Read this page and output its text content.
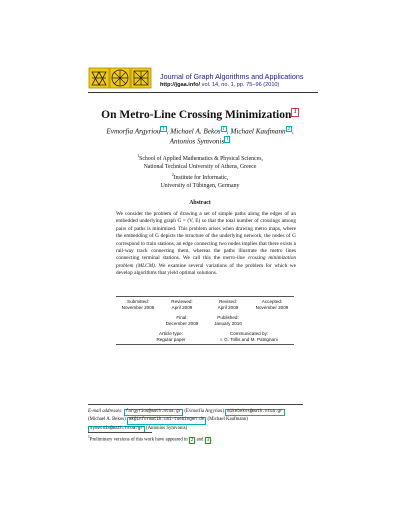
Journal of Graph Algorithms and Applications
http://jgaa.info/ vol. 14, no. 1, pp. 75–96 (2010)
On Metro-Line Crossing Minimization 1
Evmorfia Argyriou 1 , Michael A. Bekos 1 , Michael Kaufmann 2 ,
Antonios Symvonis 1
$^1$School of Applied Mathematics & Physical Sciences,
National Technical University of Athens, Greece
$^2$Institute for Informatic,
University of Tübingen, Germany
Abstract
We consider the problem of drawing a set of simple paths along the edges of an embedded underlying graph G = (V, E) so that the total number of crossings among pairs of paths is minimized. This problem arises when drawing metro maps, where the embedding of G depicts the structure of the underlying network, the nodes of G correspond to train stations, an edge connecting two nodes implies that there exists a rail-way track connecting them, whereas the paths illustrate the metro lines connecting terminal stations. We call this the metro-line crossing minimization problem (MLCM). We examine several variations of the problem for which we develop algorithms that yield optimal solutions.
Submitted:
November 2008
Reviewed:
April 2009
Revised:
April 2009
Accepted:
November 2009
Final:
December 2009
Published:
January 2010
Article type:
Regular paper
Communicated by:
I. G. Tollis and M. Patrignani
E-mail addresses: fargyriou@math.ntua.gr (Evmorfia Argyriou) mikebekos@math.ntua.gr (Michael A. Bekos) mk@informatik.uni-tuebingen.de (Michael Kaufmann) symvonis@math.ntua.gr (Antonios Symvonis)
$^1$Preliminary versions of this work have appeared in 2 and 3 .
